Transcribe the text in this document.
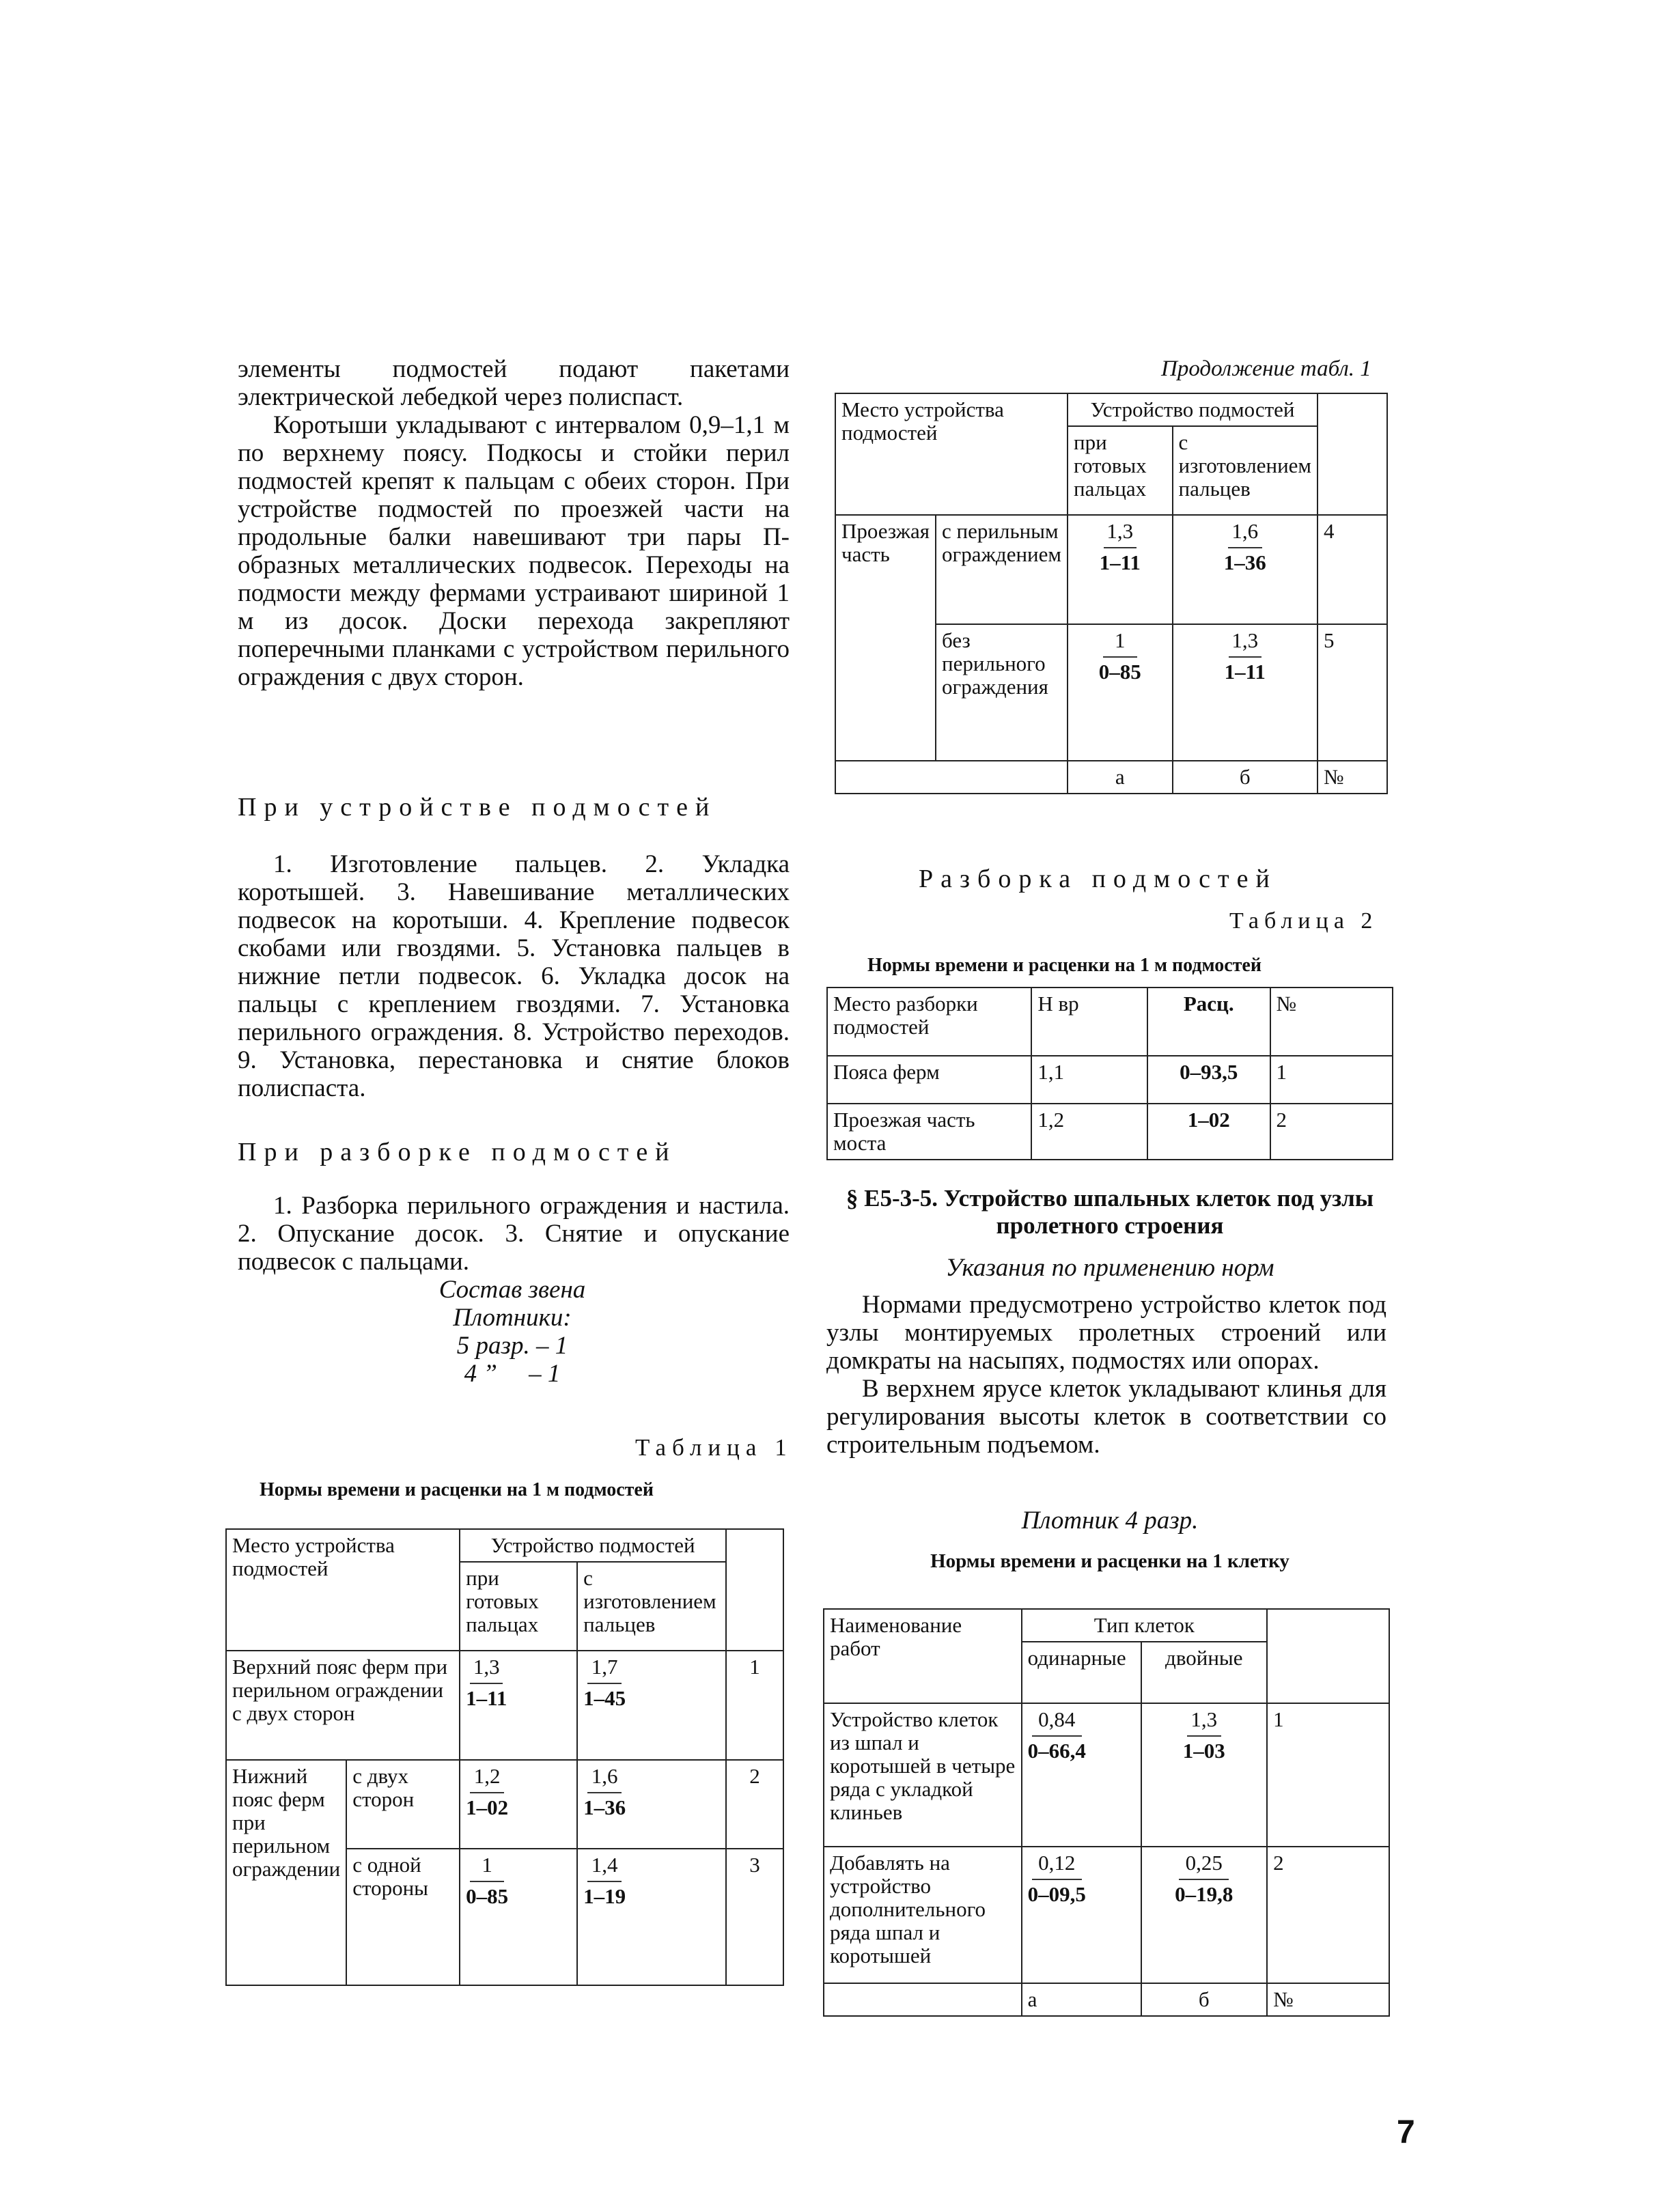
элементы подмостей подают пакетами электрической лебедкой через полиспаст.

Коротыши укладывают с интервалом 0,9–1,1 м по верхнему поясу. Подкосы и стойки перил подмостей крепят к пальцам с обеих сторон. При устройстве подмостей по проезжей части на продольные балки навешивают три пары П-образных металлических подвесок. Переходы на подмости между фермами устраивают шириной 1 м из досок. Доски перехода закрепляют поперечными планками с устройством перильного ограждения с двух сторон.

При устройстве подмостей

1. Изготовление пальцев. 2. Укладка коротышей. 3. Навешивание металлических подвесок на коротыши. 4. Крепление подвесок скобами или гвоздями. 5. Установка пальцев в нижние петли подвесок. 6. Укладка досок на пальцы с креплением гвоздями. 7. Установка перильного ограждения. 8. Устройство переходов. 9. Установка, перестановка и снятие блоков полиспаста.

При разборке подмостей

1. Разборка перильного ограждения и настила. 2. Опускание досок. 3. Снятие и опускание подвесок с пальцами.

Состав звена
Плотники:
5 разр. – 1
4 ”     – 1
Таблица 1
Нормы времени и расценки на 1 м подмостей
Место устройства подмостей		Устройство подмостей		
		при готовых пальцах	с изготовлением пальцев	
Верхний пояс ферм при перильном ограждении с двух сторон		$\frac{1,3}{1-11}$	$\frac{1,7}{1-45}$	1
Нижний пояс ферм при перильном ограждении	с двух сторон	$\frac{1,2}{1-02}$	$\frac{1,6}{1-36}$	2
	с одной стороны	$\frac{1}{0-85}$	$\frac{1,4}{1-19}$	3
Продолжение табл. 1
Место устройства подмостей		Устройство подмостей		
		при готовых пальцах	с изготовлением пальцев	
Проезжая часть	с перильным ограждением	$\frac{1,3}{1-11}$	$\frac{1,6}{1-36}$	4
	без перильного ограждения	$\frac{1}{0-85}$	$\frac{1,3}{1-11}$	5
		а	б	№
Разборка подмостей
Таблица 2
Нормы времени и расценки на 1 м подмостей
Место разборки подмостей	Н вр	Расц.	№
Пояса ферм	1,1	0–93,5	1
Проезжая часть моста	1,2	1–02	2
§ Е5-3-5. Устройство шпальных клеток под узлы пролетного строения
Указания по применению норм

Нормами предусмотрено устройство клеток под узлы монтируемых пролетных строений или домкраты на насыпях, подмостях или опорах.

В верхнем ярусе клеток укладывают клинья для регулирования высоты клеток в соответствии со строительным подъемом.

Плотник 4 разр.
Нормы времени и расценки на 1 клетку
Наименование работ	Тип клеток		
	одинарные	двойные	
Устройство клеток из шпал и коротышей в четыре ряда с укладкой клиньев	$\frac{0,84}{0-66,4}$	$\frac{1,3}{1-03}$	1
Добавлять на устройство дополнительного ряда шпал и коротышей	$\frac{0,12}{0-09,5}$	$\frac{0,25}{0-19,8}$	2
	а	б	№
7
